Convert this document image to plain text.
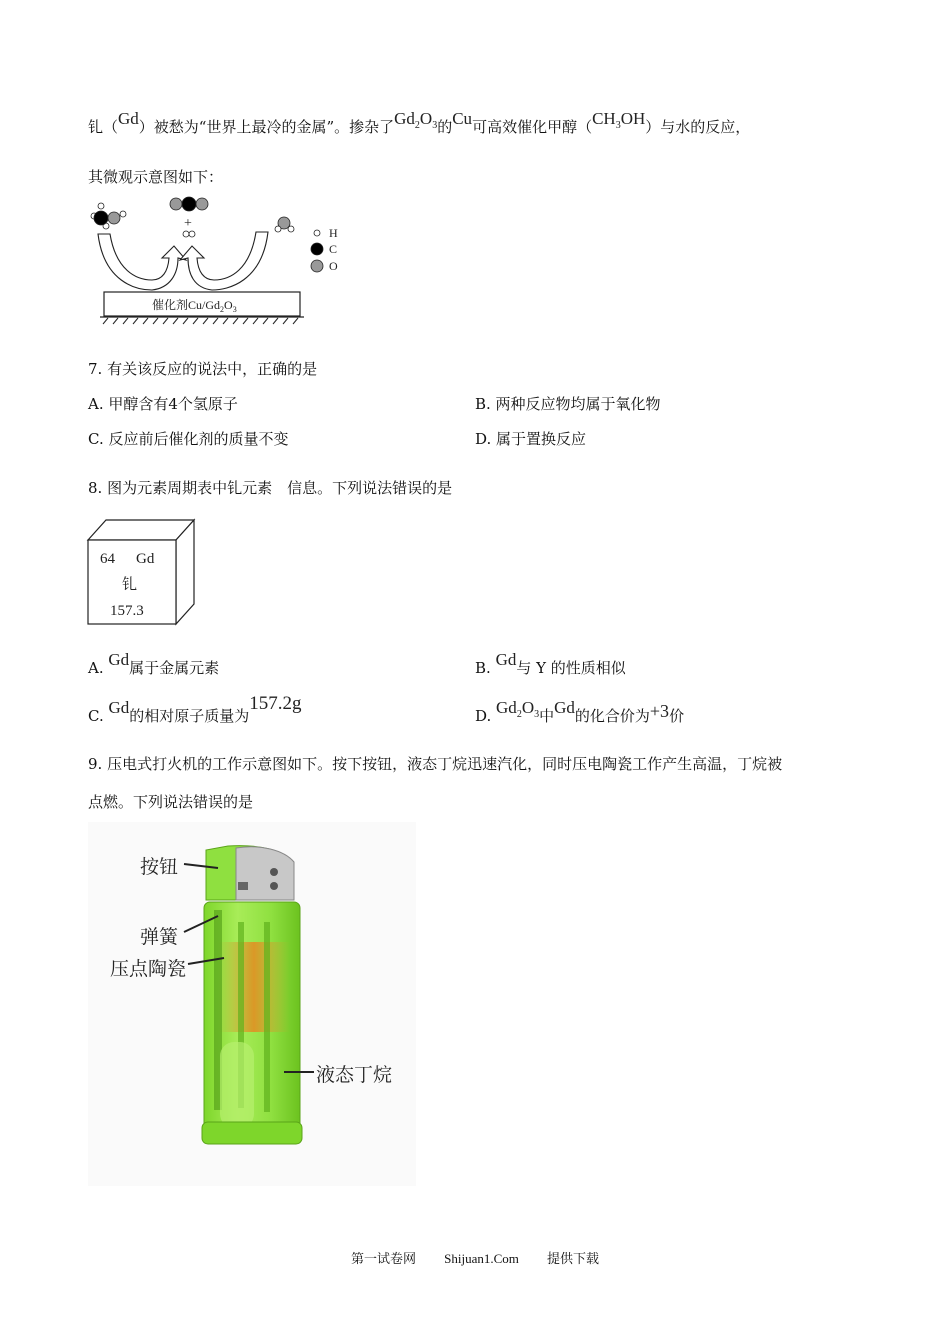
钆（Gd）被愁为“世界上最冷的金属”。掺杂了$Gd_2O_3$的Cu可高效催化甲醇$(CH_3OH)$与水的反应，
其微观示意图如下：
催化剂$Cu/Gd_2O_3$
+
H
C
O
7. 有关该反应的说法中，正确的是
A. 甲醇含有4个氢原子	B. 两种反应物均属于氧化物
C. 反应前后催化剂的质量不变	D. 属于置换反应
8. 图为元素周期表中钆元素　信息。下列说法错误的是
64 Gd
钆
157.3
A. Gd属于金属元素	B. Gd与 Y 的性质相似
C. Gd的相对原子质量为157.2g
D. $Gd_2O_3$中Gd的化合价为+3价
9. 压电式打火机的工作示意图如下。按下按钮，液态丁烷迅速汽化，同时压电陶瓷工作产生高温，丁烷被
点燃。下列说法错误的是
按钮
弹簧
压点陶瓷
液态丁烷
第一试卷网 Shijuan1.Com 提供下载
